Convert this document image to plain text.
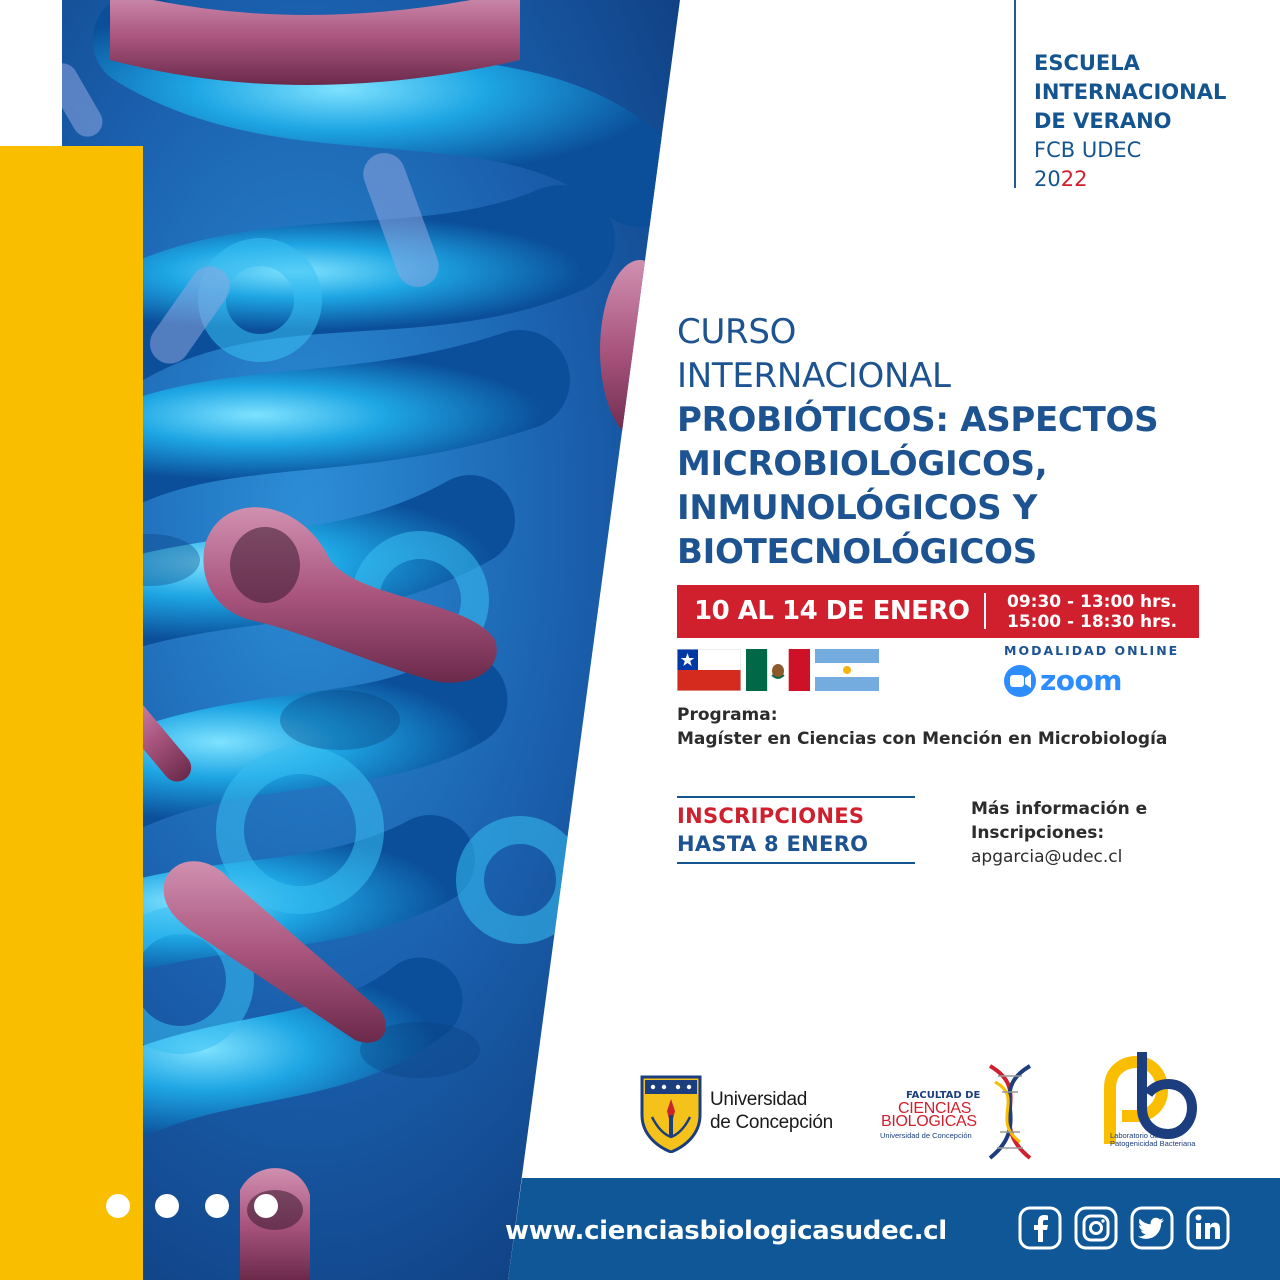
ESCUELA
INTERNACIONAL
DE VERANO
FCB UDEC
2022
CURSO
INTERNACIONAL
PROBIÓTICOS: ASPECTOS
MICROBIOLÓGICOS,
INMUNOLÓGICOS Y
BIOTECNOLÓGICOS
10 AL 14 DE ENERO 09:30 - 13:00 hrs.
15:00 - 18:30 hrs.
MODALIDAD ONLINE
zoom
Programa:
Magíster en Ciencias con Mención en Microbiología
INSCRIPCIONES
HASTA 8 ENERO
Más información e
Inscripciones:
apgarcia@udec.cl
Universidad
de Concepción
FACULTAD DE
CIENCIAS
BIOLOGICAS
Universidad de Concepción	Laboratorio de
Patogenicidad Bacteriana
www.cienciasbiologicasudec.cl
